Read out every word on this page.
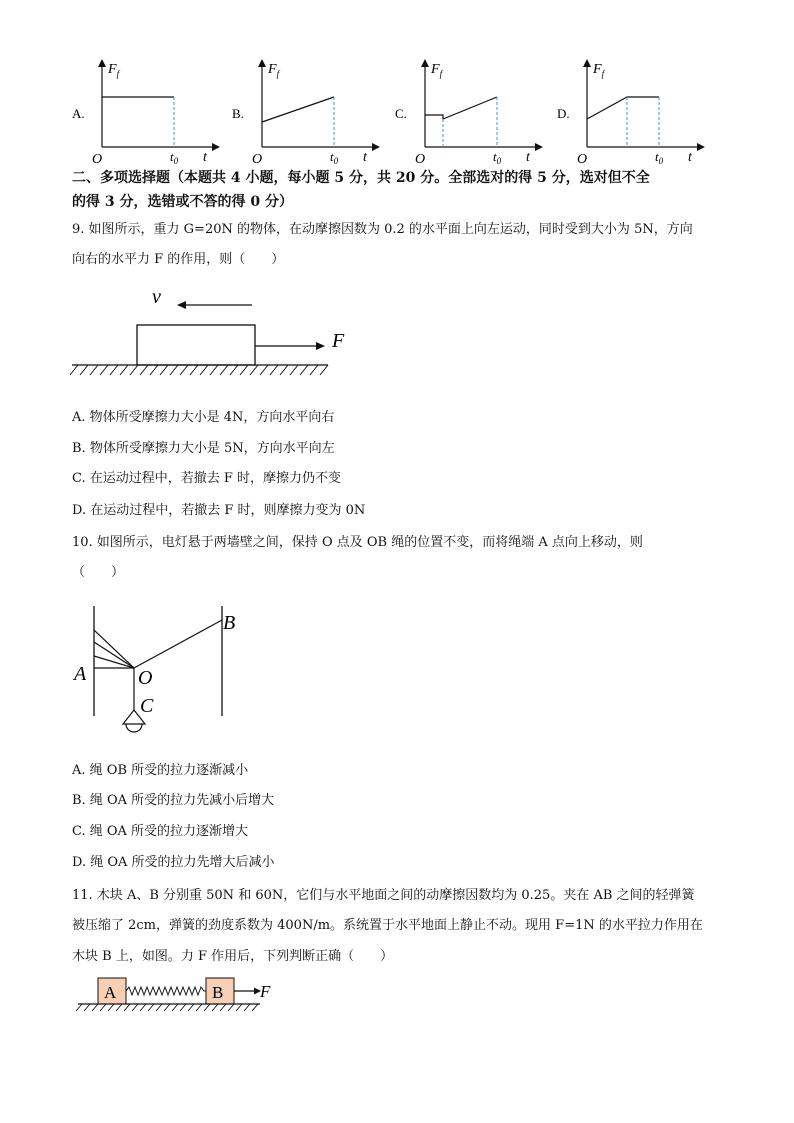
A.
$F_f$
O	$t_0$ t
B.
$F_f$
O	$t_0$ t
C.
$F_f$
O	$t_0$ t
D.
$F_f$
O	$t_0$ t
二、多项选择题（本题共 4 小题，每小题 5 分，共 20 分。全部选对的得 5 分，选对但不全
的得 3 分，选错或不答的得 0 分）
9. 如图所示，重力 G=20N 的物体，在动摩擦因数为 0.2 的水平面上向左运动，同时受到大小为 5N，方向
向右的水平力 F 的作用，则（　　）
v
F
A. 物体所受摩擦力大小是 4N，方向水平向右
B. 物体所受摩擦力大小是 5N，方向水平向左
C. 在运动过程中，若撤去 F 时，摩擦力仍不变
D. 在运动过程中，若撤去 F 时，则摩擦力变为 0N
10. 如图所示，电灯悬于两墙壁之间，保持 O 点及 OB 绳的位置不变，而将绳端 A 点向上移动，则
（　　）
A
B
O
C
A. 绳 OB 所受的拉力逐渐减小
B. 绳 OA 所受的拉力先减小后增大
C. 绳 OA 所受的拉力逐渐增大
D. 绳 OA 所受的拉力先增大后减小
11. 木块 A、B 分别重 50N 和 60N，它们与水平地面之间的动摩擦因数均为 0.25。夹在 AB 之间的轻弹簧
被压缩了 2cm，弹簧的劲度系数为 400N/m。系统置于水平地面上静止不动。现用 F=1N 的水平拉力作用在
木块 B 上，如图。力 F 作用后，下列判断正确（　　）
A	B F
